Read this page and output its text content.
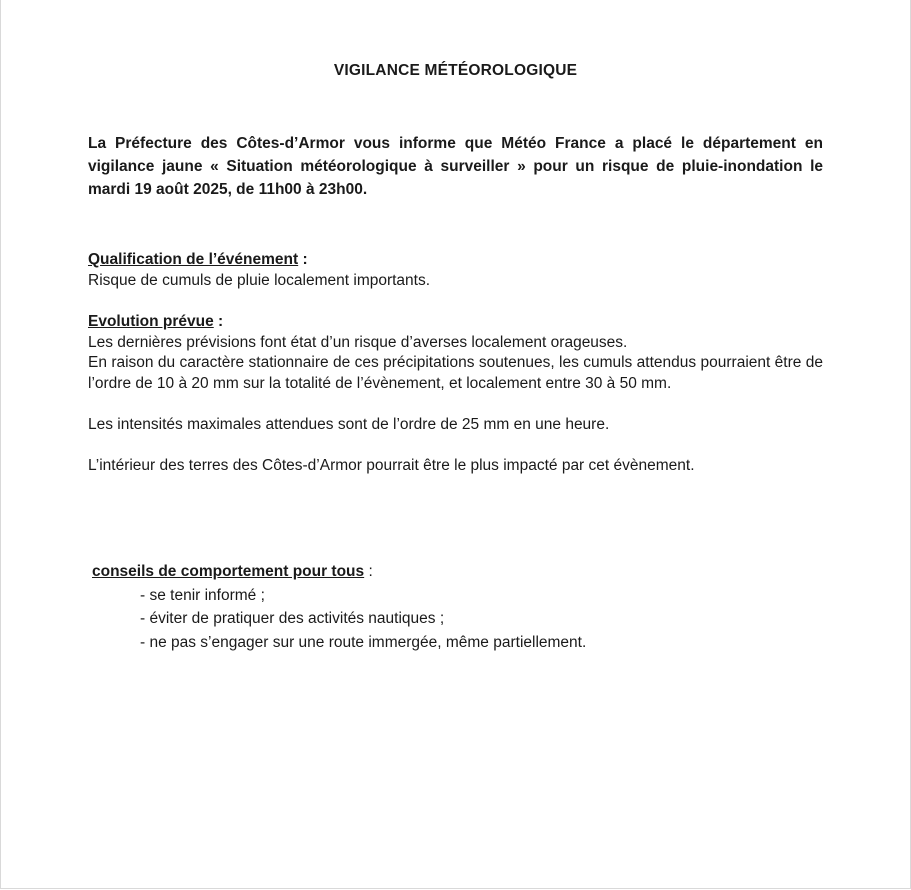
VIGILANCE MÉTÉOROLOGIQUE

La Préfecture des Côtes-d’Armor vous informe que Météo France a placé le département en vigilance jaune « Situation météorologique à surveiller » pour un risque de pluie-inondation le mardi 19 août 2025, de 11h00 à 23h00.

Qualification de l’événement :

Risque de cumuls de pluie localement importants.

Evolution prévue :

Les dernières prévisions font état d’un risque d’averses localement orageuses.

En raison du caractère stationnaire de ces précipitations soutenues, les cumuls attendus pourraient être de l’ordre de 10 à 20 mm sur la totalité de l’évènement, et localement entre 30 à 50 mm.

Les intensités maximales attendues sont de l’ordre de 25 mm en une heure.

L’intérieur des terres des Côtes-d’Armor pourrait être le plus impacté par cet évènement.

conseils de comportement pour tous :

- se tenir informé ;
- éviter de pratiquer des activités nautiques ;
- ne pas s’engager sur une route immergée, même partiellement.
